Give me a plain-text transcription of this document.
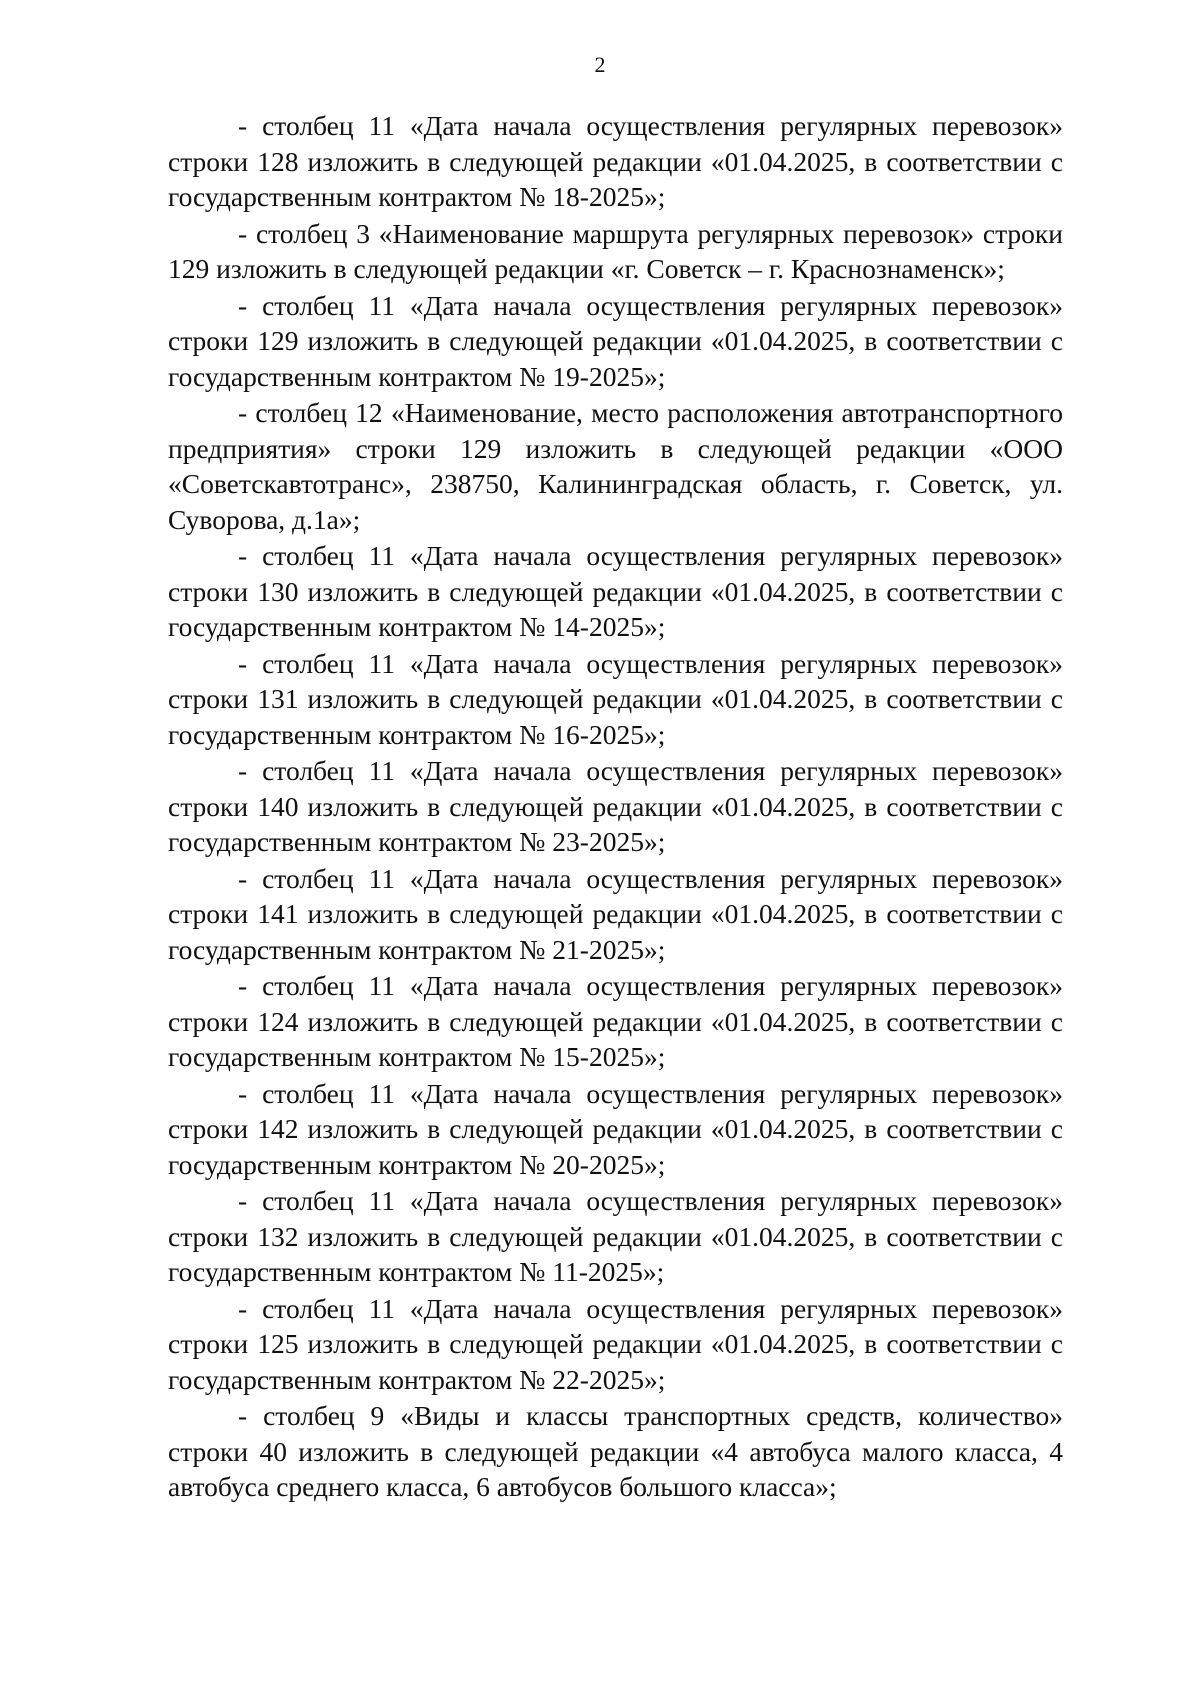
2

- столбец 11 «Дата начала осуществления регулярных перевозок» строки 128 изложить в следующей редакции «01.04.2025, в соответствии с государственным контрактом № 18-2025»;

- столбец 3 «Наименование маршрута регулярных перевозок» строки 129 изложить в следующей редакции «г. Советск – г. Краснознаменск»;

- столбец 11 «Дата начала осуществления регулярных перевозок» строки 129 изложить в следующей редакции «01.04.2025, в соответствии с государственным контрактом № 19-2025»;

- столбец 12 «Наименование, место расположения автотранспортного предприятия» строки 129 изложить в следующей редакции «ООО «Советскавтотранс», 238750, Калининградская область, г. Советск, ул. Суворова, д.1а»;

- столбец 11 «Дата начала осуществления регулярных перевозок» строки 130 изложить в следующей редакции «01.04.2025, в соответствии с государственным контрактом № 14-2025»;

- столбец 11 «Дата начала осуществления регулярных перевозок» строки 131 изложить в следующей редакции «01.04.2025, в соответствии с государственным контрактом № 16-2025»;

- столбец 11 «Дата начала осуществления регулярных перевозок» строки 140 изложить в следующей редакции «01.04.2025, в соответствии с государственным контрактом № 23-2025»;

- столбец 11 «Дата начала осуществления регулярных перевозок» строки 141 изложить в следующей редакции «01.04.2025, в соответствии с государственным контрактом № 21-2025»;

- столбец 11 «Дата начала осуществления регулярных перевозок» строки 124 изложить в следующей редакции «01.04.2025, в соответствии с государственным контрактом № 15-2025»;

- столбец 11 «Дата начала осуществления регулярных перевозок» строки 142 изложить в следующей редакции «01.04.2025, в соответствии с государственным контрактом № 20-2025»;

- столбец 11 «Дата начала осуществления регулярных перевозок» строки 132 изложить в следующей редакции «01.04.2025, в соответствии с государственным контрактом № 11-2025»;

- столбец 11 «Дата начала осуществления регулярных перевозок» строки 125 изложить в следующей редакции «01.04.2025, в соответствии с государственным контрактом № 22-2025»;

- столбец 9 «Виды и классы транспортных средств, количество» строки 40 изложить в следующей редакции «4 автобуса малого класса, 4 автобуса среднего класса, 6 автобусов большого класса»;
